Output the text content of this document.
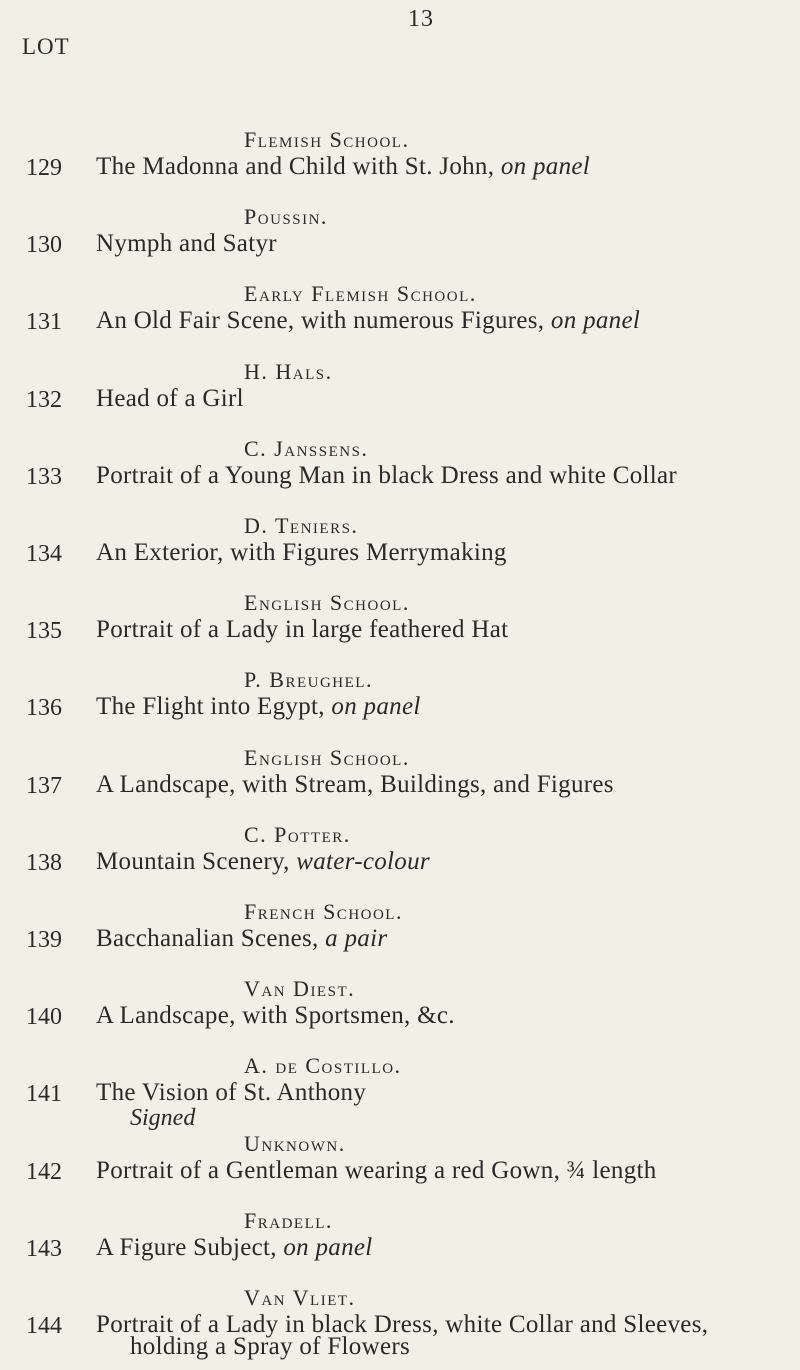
13
LOT
Flemish School.
129 The Madonna and Child with St. John, on panel
Poussin.
130 Nymph and Satyr
Early Flemish School.
131 An Old Fair Scene, with numerous Figures, on panel
H. Hals.
132 Head of a Girl
C. Janssens.
133 Portrait of a Young Man in black Dress and white Collar
D. Teniers.
134 An Exterior, with Figures Merrymaking
English School.
135 Portrait of a Lady in large feathered Hat
P. Breughel.
136 The Flight into Egypt, on panel
English School.
137 A Landscape, with Stream, Buildings, and Figures
C. Potter.
138 Mountain Scenery, water-colour
French School.
139 Bacchanalian Scenes, a pair
Van Diest.
140 A Landscape, with Sportsmen, &c.
A. de Costillo.
141 The Vision of St. Anthony
Signed
Unknown.
142 Portrait of a Gentleman wearing a red Gown, ¾ length
Fradell.
143 A Figure Subject, on panel
Van Vliet.
144 Portrait of a Lady in black Dress, white Collar and Sleeves,
holding a Spray of Flowers
